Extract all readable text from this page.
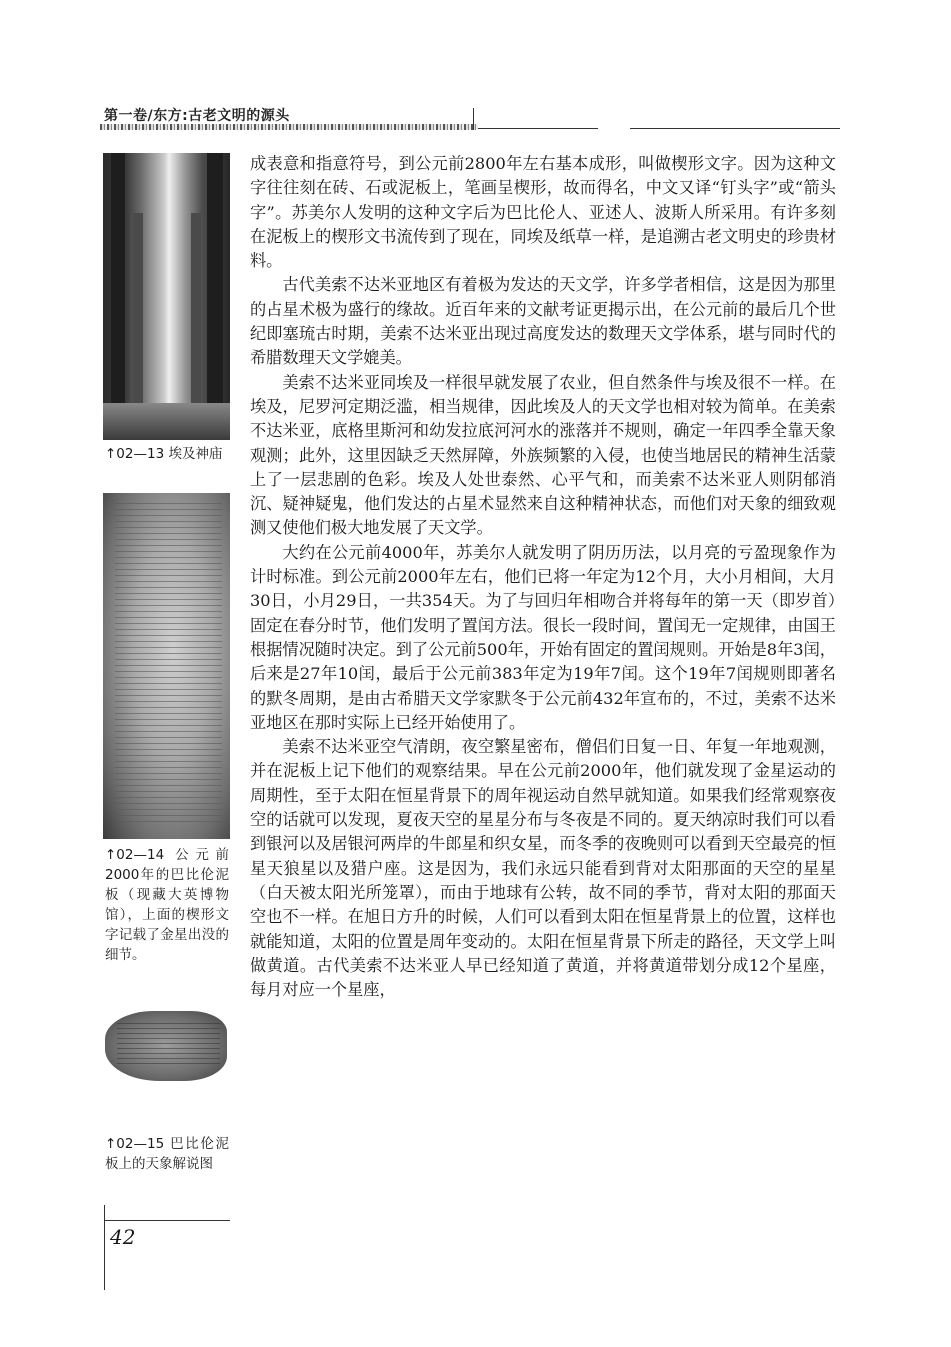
第一卷/东方:古老文明的源头
↑02—13 埃及神庙
↑02—14 公元前2000年的巴比伦泥板（现藏大英博物馆），上面的楔形文字记载了金星出没的细节。
↑02—15 巴比伦泥板上的天象解说图

成表意和指意符号，到公元前2800年左右基本成形，叫做楔形文字。因为这种文字往往刻在砖、石或泥板上，笔画呈楔形，故而得名，中文又译“钉头字”或“箭头字”。苏美尔人发明的这种文字后为巴比伦人、亚述人、波斯人所采用。有许多刻在泥板上的楔形文书流传到了现在，同埃及纸草一样，是追溯古老文明史的珍贵材料。

古代美索不达米亚地区有着极为发达的天文学，许多学者相信，这是因为那里的占星术极为盛行的缘故。近百年来的文献考证更揭示出，在公元前的最后几个世纪即塞琉古时期，美索不达米亚出现过高度发达的数理天文学体系，堪与同时代的希腊数理天文学媲美。

美索不达米亚同埃及一样很早就发展了农业，但自然条件与埃及很不一样。在埃及，尼罗河定期泛滥，相当规律，因此埃及人的天文学也相对较为简单。在美索不达米亚，底格里斯河和幼发拉底河河水的涨落并不规则，确定一年四季全靠天象观测；此外，这里因缺乏天然屏障，外族频繁的入侵，也使当地居民的精神生活蒙上了一层悲剧的色彩。埃及人处世泰然、心平气和，而美索不达米亚人则阴郁消沉、疑神疑鬼，他们发达的占星术显然来自这种精神状态，而他们对天象的细致观测又使他们极大地发展了天文学。

大约在公元前4000年，苏美尔人就发明了阴历历法，以月亮的亏盈现象作为计时标准。到公元前2000年左右，他们已将一年定为12个月，大小月相间，大月30日，小月29日，一共354天。为了与回归年相吻合并将每年的第一天（即岁首）固定在春分时节，他们发明了置闰方法。很长一段时间，置闰无一定规律，由国王根据情况随时决定。到了公元前500年，开始有固定的置闰规则。开始是8年3闰，后来是27年10闰，最后于公元前383年定为19年7闰。这个19年7闰规则即著名的默冬周期，是由古希腊天文学家默冬于公元前432年宣布的，不过，美索不达米亚地区在那时实际上已经开始使用了。

美索不达米亚空气清朗，夜空繁星密布，僧侣们日复一日、年复一年地观测，并在泥板上记下他们的观察结果。早在公元前2000年，他们就发现了金星运动的周期性，至于太阳在恒星背景下的周年视运动自然早就知道。如果我们经常观察夜空的话就可以发现，夏夜天空的星星分布与冬夜是不同的。夏天纳凉时我们可以看到银河以及居银河两岸的牛郎星和织女星，而冬季的夜晚则可以看到天空最亮的恒星天狼星以及猎户座。这是因为，我们永远只能看到背对太阳那面的天空的星星（白天被太阳光所笼罩），而由于地球有公转，故不同的季节，背对太阳的那面天空也不一样。在旭日方升的时候，人们可以看到太阳在恒星背景上的位置，这样也就能知道，太阳的位置是周年变动的。太阳在恒星背景下所走的路径，天文学上叫做黄道。古代美索不达米亚人早已经知道了黄道，并将黄道带划分成12个星座，每月对应一个星座，

42
